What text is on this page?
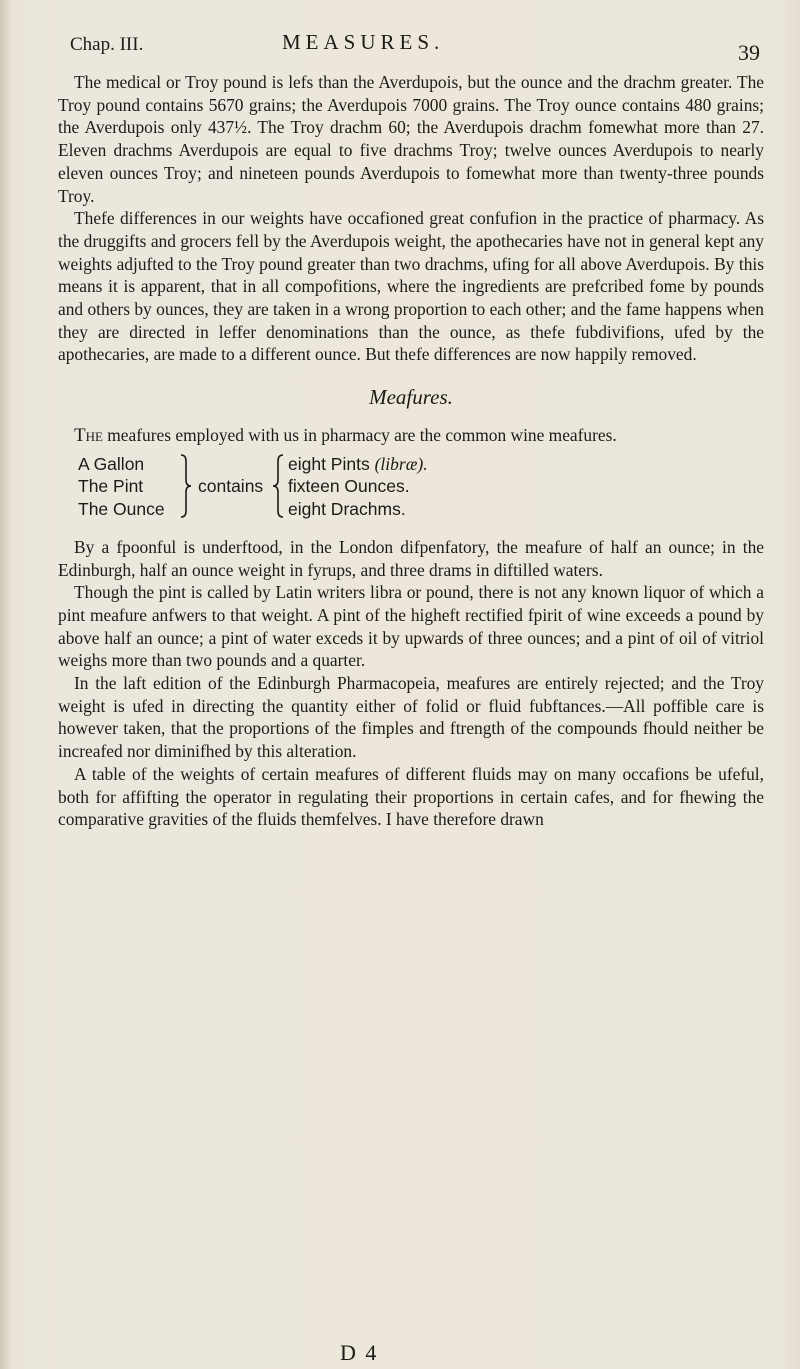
Chap. III.	MEASURES.	39

The medical or Troy pound is lefs than the Averdupois, but the ounce and the drachm greater. The Troy pound contains 5670 grains; the Averdupois 7000 grains. The Troy ounce contains 480 grains; the Averdupois only 437½. The Troy drachm 60; the Averdupois drachm fomewhat more than 27. Eleven drachms Averdupois are equal to five drachms Troy; twelve ounces Averdupois to nearly eleven ounces Troy; and nineteen pounds Averdupois to fomewhat more than twenty-three pounds Troy.

Thefe differences in our weights have occafioned great confufion in the practice of pharmacy. As the druggifts and grocers fell by the Averdupois weight, the apothecaries have not in general kept any weights adjufted to the Troy pound greater than two drachms, ufing for all above Averdupois. By this means it is apparent, that in all compofitions, where the ingredients are prefcribed fome by pounds and others by ounces, they are taken in a wrong proportion to each other; and the fame happens when they are directed in leffer denominations than the ounce, as thefe fubdivifions, ufed by the apothecaries, are made to a different ounce. But thefe differences are now happily removed.

Meafures.

The meafures employed with us in pharmacy are the common wine meafures.

A Gallon
The Pint
The Ounce
contains
eight Pints (libræ).
fixteen Ounces.
eight Drachms.

By a fpoonful is underftood, in the London difpenfatory, the meafure of half an ounce; in the Edinburgh, half an ounce weight in fyrups, and three drams in diftilled waters.

Though the pint is called by Latin writers libra or pound, there is not any known liquor of which a pint meafure anfwers to that weight. A pint of the higheft rectified fpirit of wine exceeds a pound by above half an ounce; a pint of water exceds it by upwards of three ounces; and a pint of oil of vitriol weighs more than two pounds and a quarter.

In the laft edition of the Edinburgh Pharmacopeia, meafures are entirely rejected; and the Troy weight is ufed in directing the quantity either of folid or fluid fubftances.—All poffible care is however taken, that the proportions of the fimples and ftrength of the compounds fhould neither be increafed nor diminifhed by this alteration.

A table of the weights of certain meafures of different fluids may on many occafions be ufeful, both for affifting the operator in regulating their proportions in certain cafes, and for fhewing the comparative gravities of the fluids themfelves. I have therefore drawn

D 4
